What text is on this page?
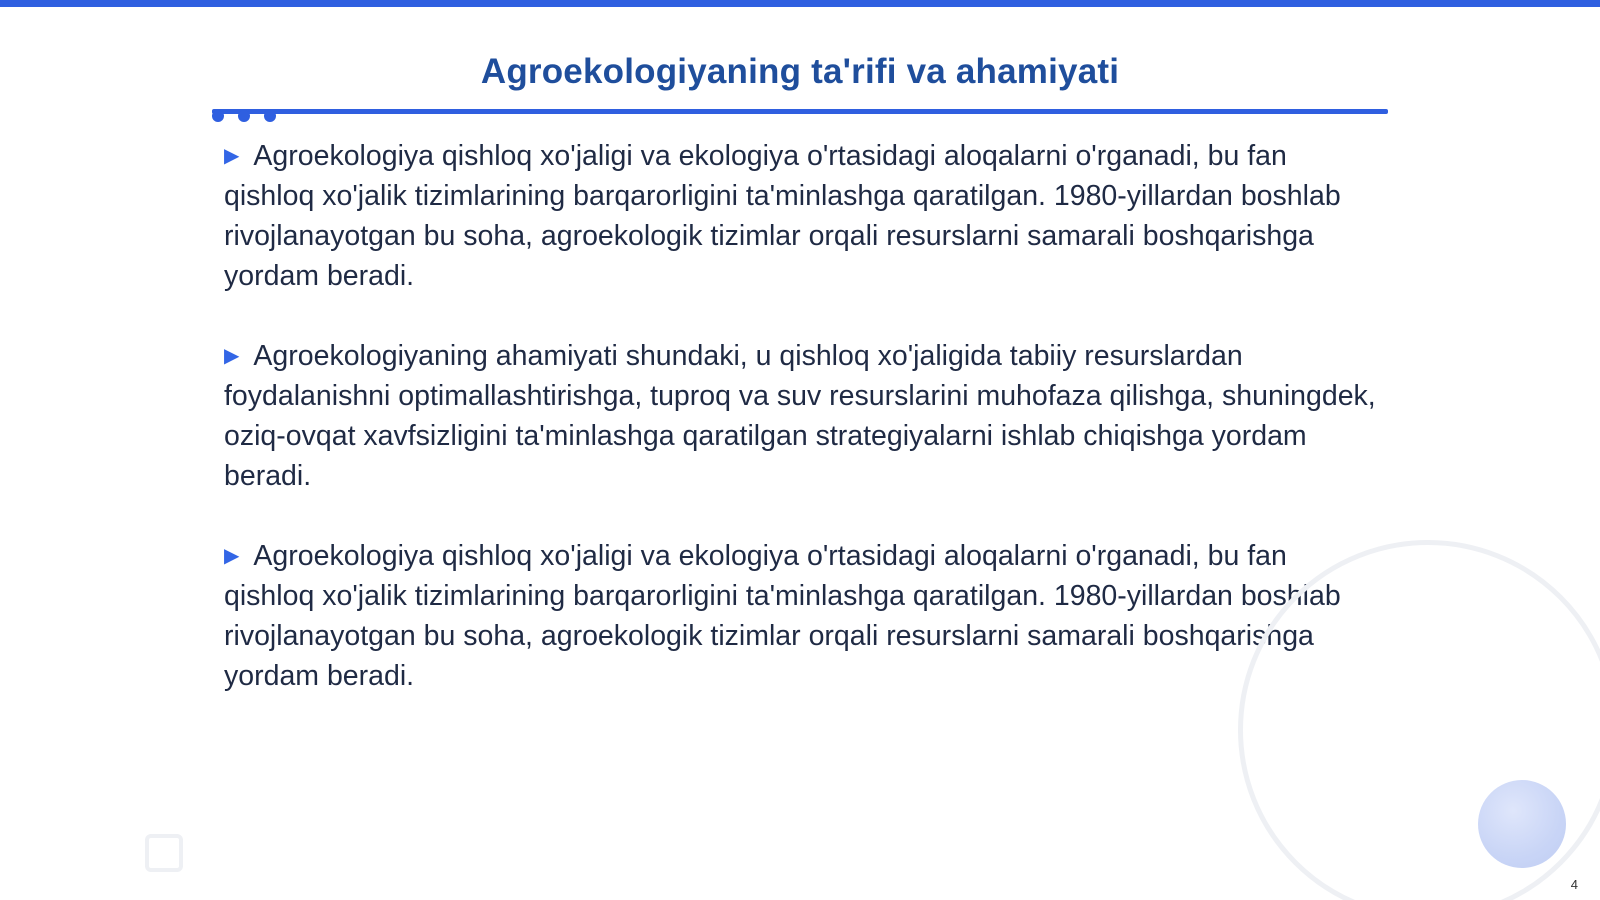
Agroekologiyaning ta'rifi va ahamiyati

▶ Agroekologiya qishloq xo'jaligi va ekologiya o'rtasidagi aloqalarni o'rganadi, bu fan qishloq xo'jalik tizimlarining barqarorligini ta'minlashga qaratilgan. 1980-yillardan boshlab rivojlanayotgan bu soha, agroekologik tizimlar orqali resurslarni samarali boshqarishga yordam beradi.

▶ Agroekologiyaning ahamiyati shundaki, u qishloq xo'jaligida tabiiy resurslardan foydalanishni optimallashtirishga, tuproq va suv resurslarini muhofaza qilishga, shuningdek, oziq-ovqat xavfsizligini ta'minlashga qaratilgan strategiyalarni ishlab chiqishga yordam beradi.

▶ Agroekologiya qishloq xo'jaligi va ekologiya o'rtasidagi aloqalarni o'rganadi, bu fan qishloq xo'jalik tizimlarining barqarorligini ta'minlashga qaratilgan. 1980-yillardan boshlab rivojlanayotgan bu soha, agroekologik tizimlar orqali resurslarni samarali boshqarishga yordam beradi.

4
